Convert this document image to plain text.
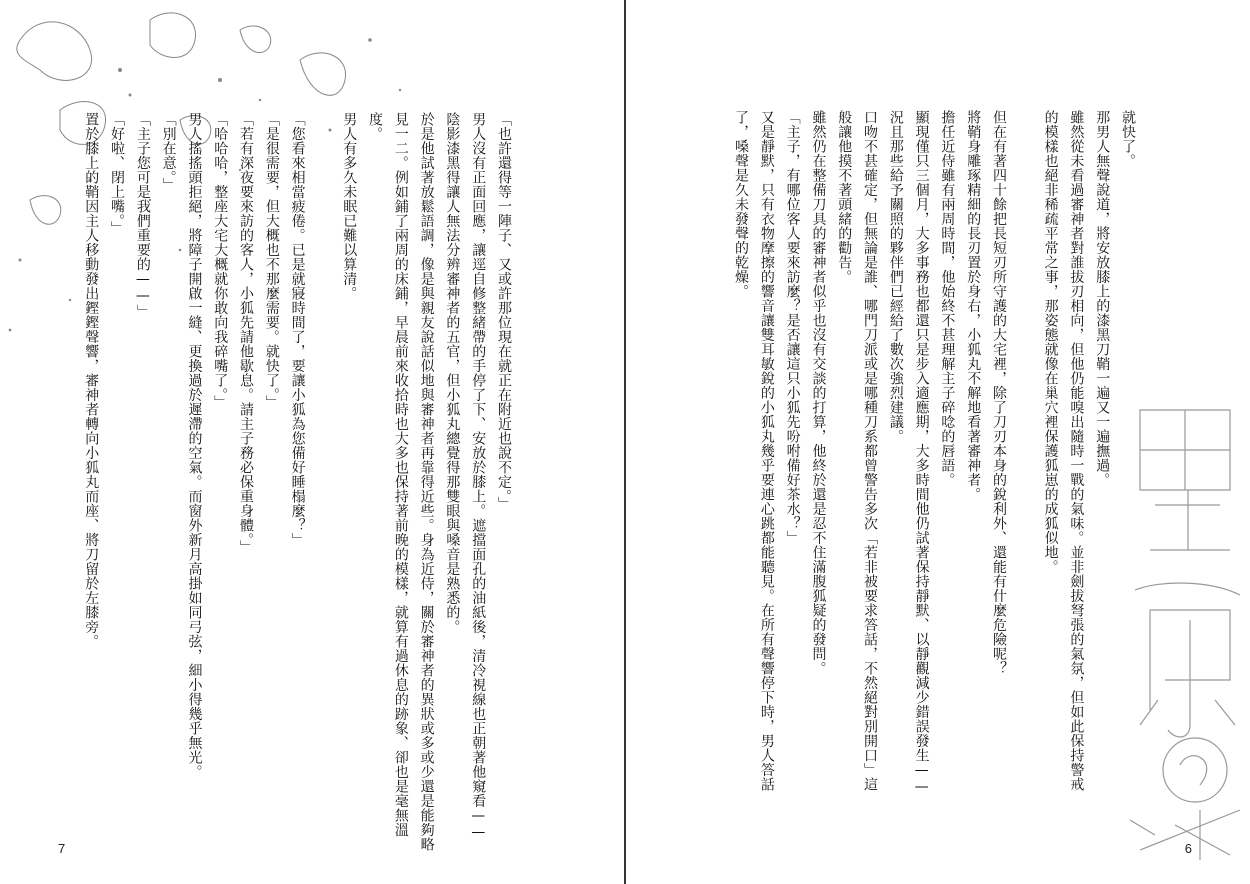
「也許還得等一陣子、又或許那位現在就正在附近也說不定。」

男人沒有正面回應，讓逕自修整緒帶的手停了下、安放於膝上。遮擋面孔的油紙後，清冷視線也正朝著他窺看——陰影漆黑得讓人無法分辨審神者的五官，但小狐丸總覺得那雙眼與嗓音是熟悉的。

於是他試著放鬆語調，像是與親友說話似地與審神者再靠得近些。身為近侍，關於審神者的異狀或多或少還是能夠略見一二。例如鋪了兩周的床鋪，早晨前來收拾時也大多也保持著前晚的模樣，就算有過休息的跡象、卻也是毫無溫度。

男人有多久未眠已難以算清。

「您看來相當疲倦。已是就寢時間了，要讓小狐為您備好睡榻麼？」

「是很需要，但大概也不那麼需要。就快了。」

「若有深夜要來訪的客人，小狐先請他歇息。請主子務必保重身體。」

「哈哈哈，整座大宅大概就你敢向我碎嘴了。」

男人搖搖頭拒絕，將障子開啟一縫、更換過於遲滯的空氣。而窗外新月高掛如同弓弦，細小得幾乎無光。

「別在意。」

「主子您可是我們重要的——」

「好啦、閉上嘴。」

置於膝上的鞘因主人移動發出鏗鏗聲響，審神者轉向小狐丸而座、將刀留於左膝旁。

7

就快了。

那男人無聲說道，將安放膝上的漆黑刀鞘一遍又一遍撫過。

雖然從未看過審神者對誰拔刃相向，但他仍能嗅出隨時一戰的氣味。並非劍拔弩張的氣氛，但如此保持警戒的模樣也絕非稀疏平常之事，那姿態就像在巢穴裡保護狐崽的成狐似地。

但在有著四十餘把長短刃所守護的大宅裡，除了刀刃本身的銳利外、還能有什麼危險呢？

將鞘身雕琢精細的長刃置於身右，小狐丸不解地看著審神者。

擔任近侍雖有兩周時間，他始終不甚理解主子碎唸的唇語。

顯現僅只三個月，大多事務也都還只是步入適應期，大多時間他仍試著保持靜默、以靜觀減少錯誤發生——況且那些給予關照的夥伴們已經給了數次強烈建議。

口吻不甚確定，但無論是誰、哪門刀派或是哪種刀系都曾警告多次「若非被要求答話，不然絕對別開口」這般讓他摸不著頭緒的勸告。

雖然仍在整備刀具的審神者似乎也沒有交談的打算，他終於還是忍不住滿腹狐疑的發問。

「主子，有哪位客人要來訪麼？是否讓這只小狐先吩咐備好茶水？」

又是靜默，只有衣物摩擦的響音讓雙耳敏銳的小狐丸幾乎要連心跳都能聽見。在所有聲響停下時，男人答話了，嗓聲是久未發聲的乾燥。

6
